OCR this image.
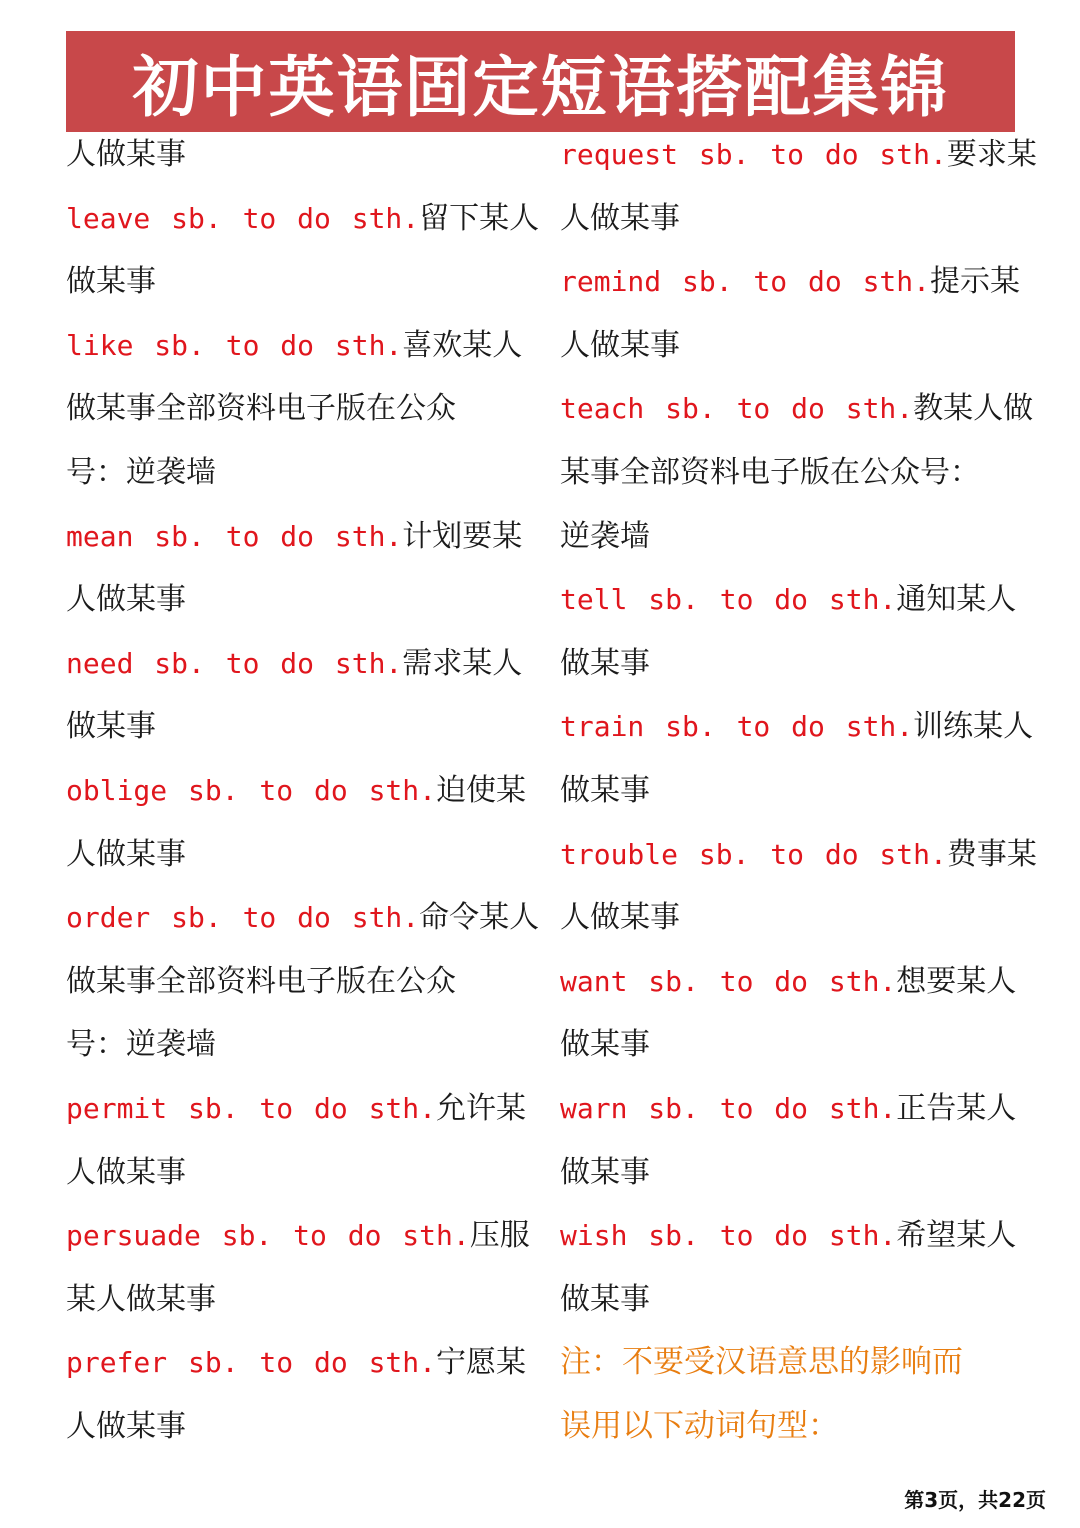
初中英语固定短语搭配集锦
人做某事
leave sb. to do sth.留下某人
做某事
like sb. to do sth.喜欢某人
做某事全部资料电子版在公众
号：逆袭墙
mean sb. to do sth.计划要某
人做某事
need sb. to do sth.需求某人
做某事
oblige sb. to do sth.迫使某
人做某事
order sb. to do sth.命令某人
做某事全部资料电子版在公众
号：逆袭墙
permit sb. to do sth.允许某
人做某事
persuade sb. to do sth.压服
某人做某事
prefer sb. to do sth.宁愿某
人做某事
request sb. to do sth.要求某
人做某事
remind sb. to do sth.提示某
人做某事
teach sb. to do sth.教某人做
某事全部资料电子版在公众号：
逆袭墙
tell sb. to do sth.通知某人
做某事
train sb. to do sth.训练某人
做某事
trouble sb. to do sth.费事某
人做某事
want sb. to do sth.想要某人
做某事
warn sb. to do sth.正告某人
做某事
wish sb. to do sth.希望某人
做某事
注：不要受汉语意思的影响而
误用以下动词句型：
第3页，共22页
